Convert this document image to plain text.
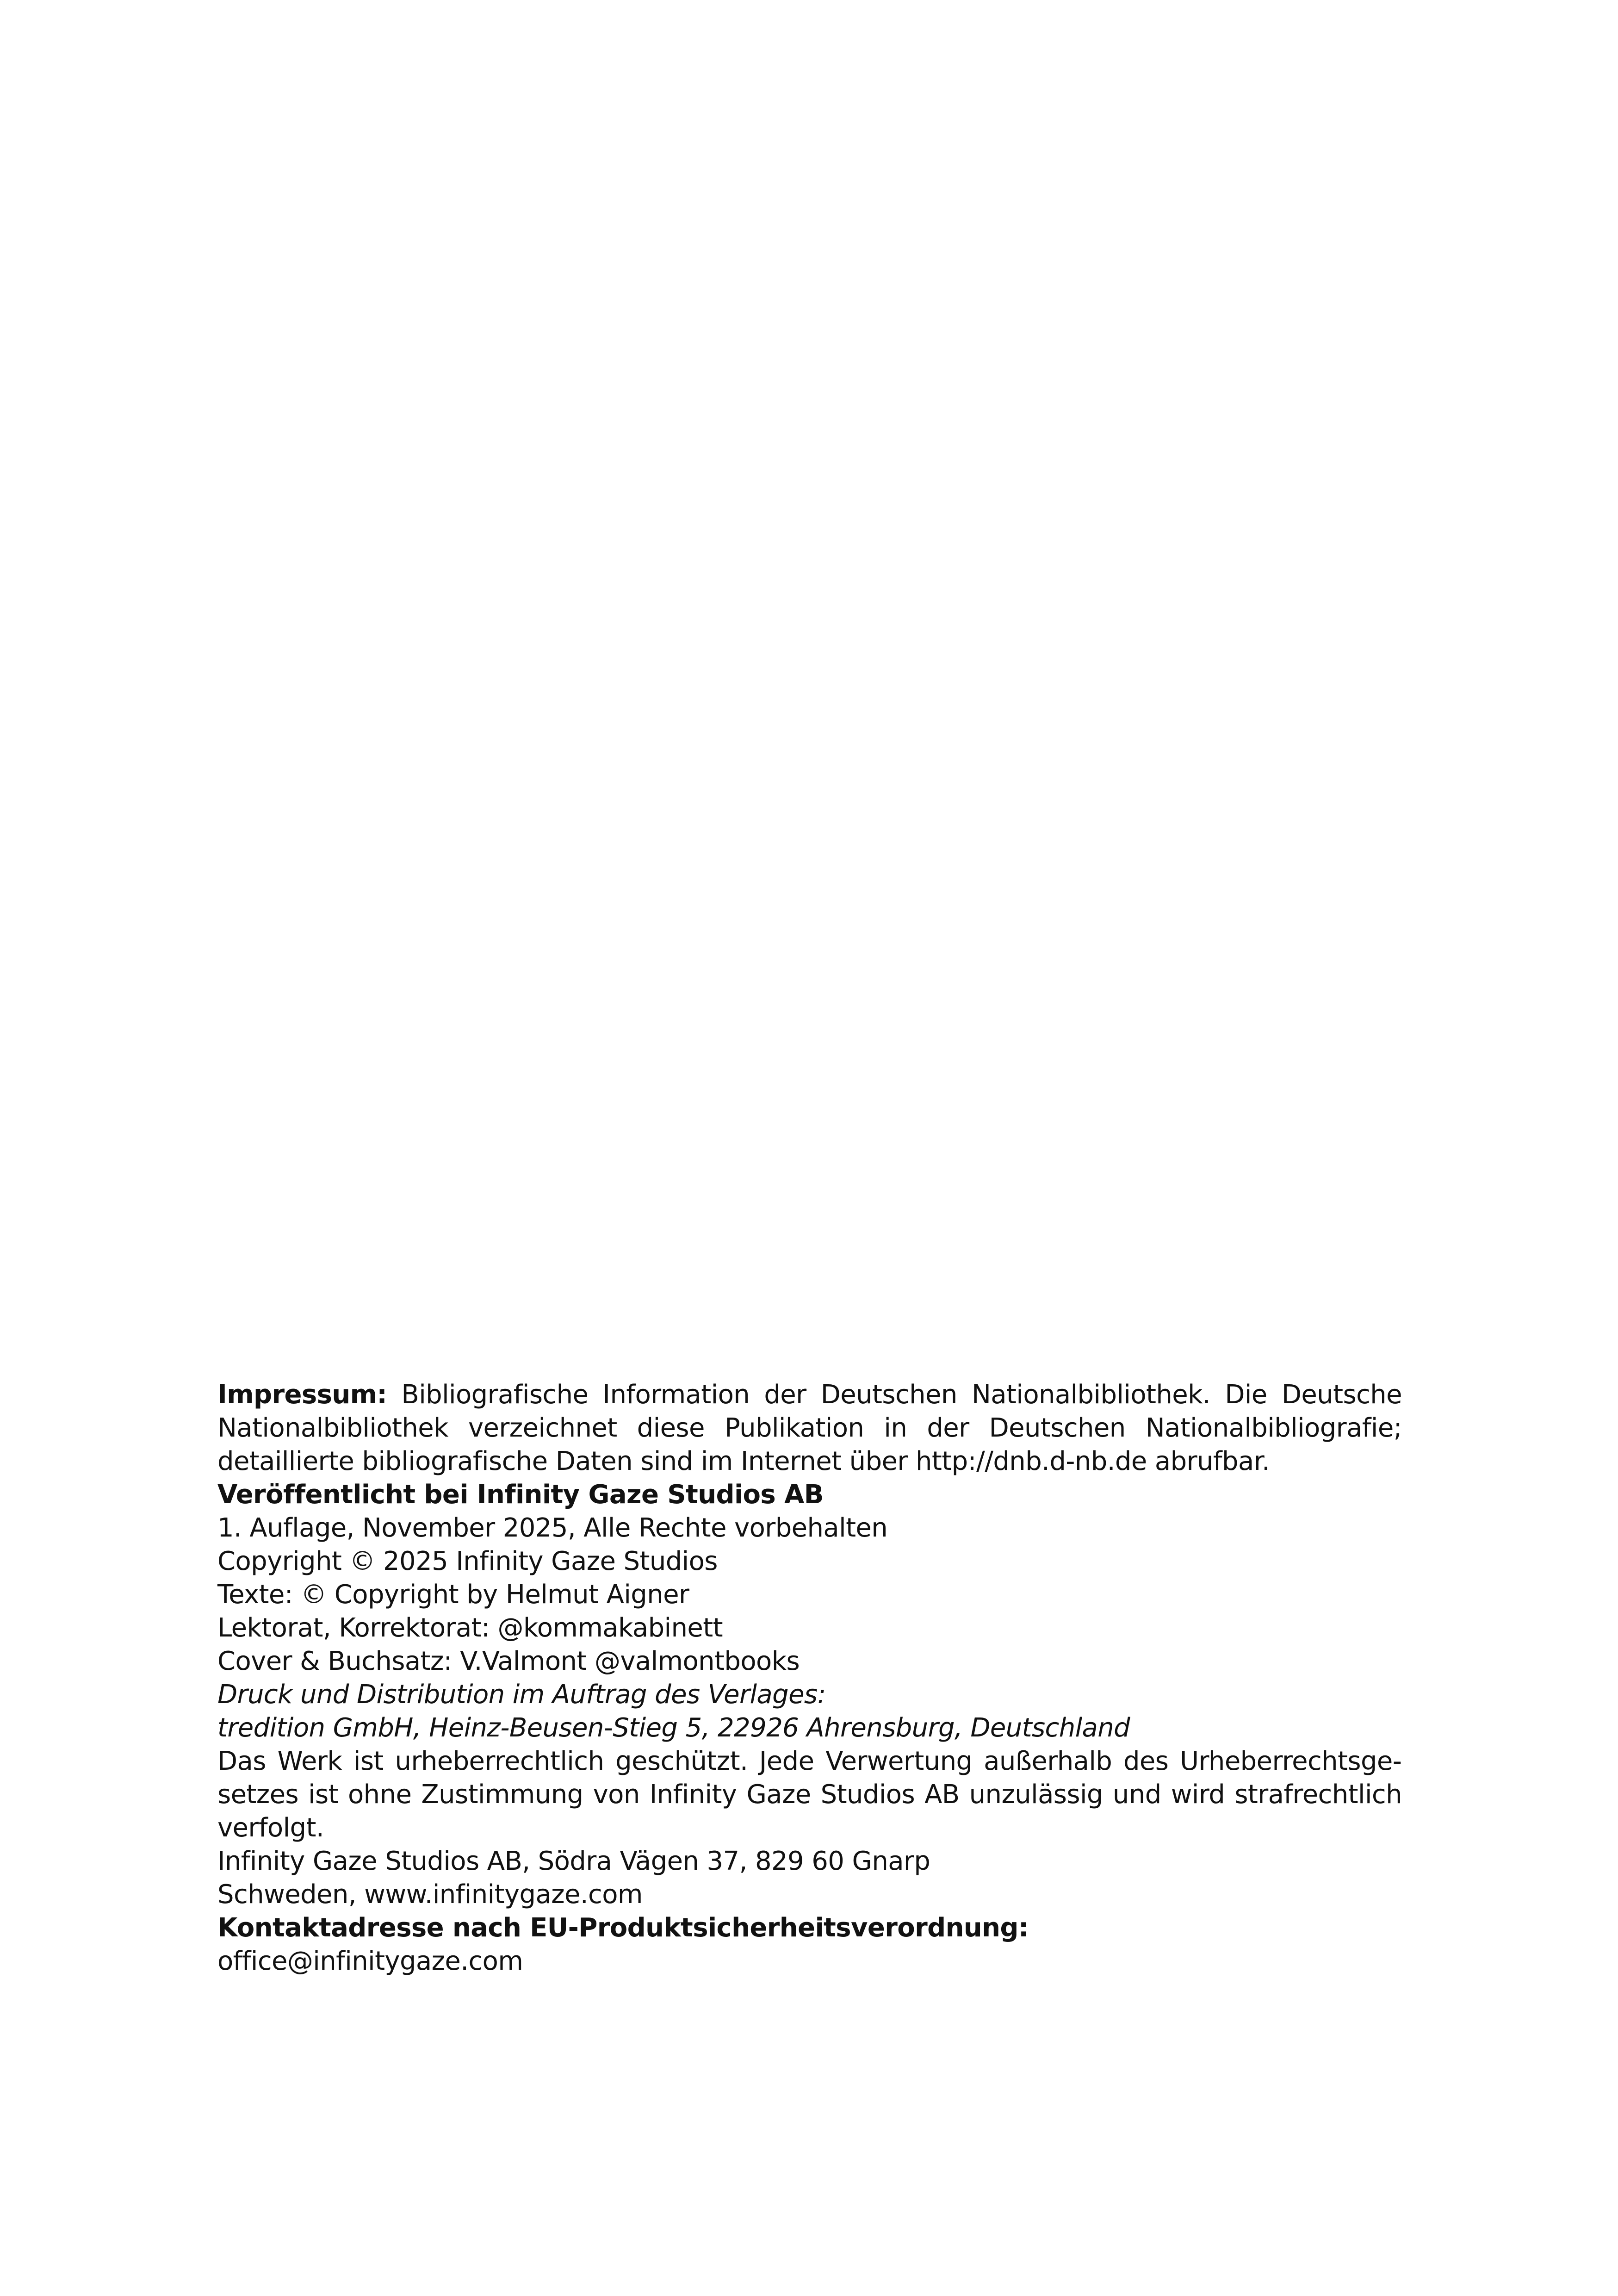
Impressum: Bibliografische Information der Deutschen Nationalbibliothek. Die Deutsche Nationalbibliothek verzeichnet diese Publikation in der Deutschen Nationalbibliografie; detaillierte bibliografische Daten sind im Internet über http://dnb.d-nb.de abrufbar.

Veröffentlicht bei Infinity Gaze Studios AB

1. Auflage, November 2025, Alle Rechte vorbehalten

Copyright © 2025 Infinity Gaze Studios

Texte: © Copyright by Helmut Aigner

Lektorat, Korrektorat: @kommakabinett

Cover & Buchsatz: V.Valmont @valmontbooks

Druck und Distribution im Auftrag des Verlages:

tredition GmbH, Heinz-Beusen-Stieg 5, 22926 Ahrensburg, Deutschland

Das Werk ist urheberrechtlich geschützt. Jede Verwertung außerhalb des Urheberrechtsgesetzes ist ohne Zustimmung von Infinity Gaze Studios AB unzulässig und wird strafrechtlich verfolgt.

Infinity Gaze Studios AB, Södra Vägen 37, 829 60 Gnarp

Schweden, www.infinitygaze.com

Kontaktadresse nach EU-Produktsicherheitsverordnung:

office@infinitygaze.com
